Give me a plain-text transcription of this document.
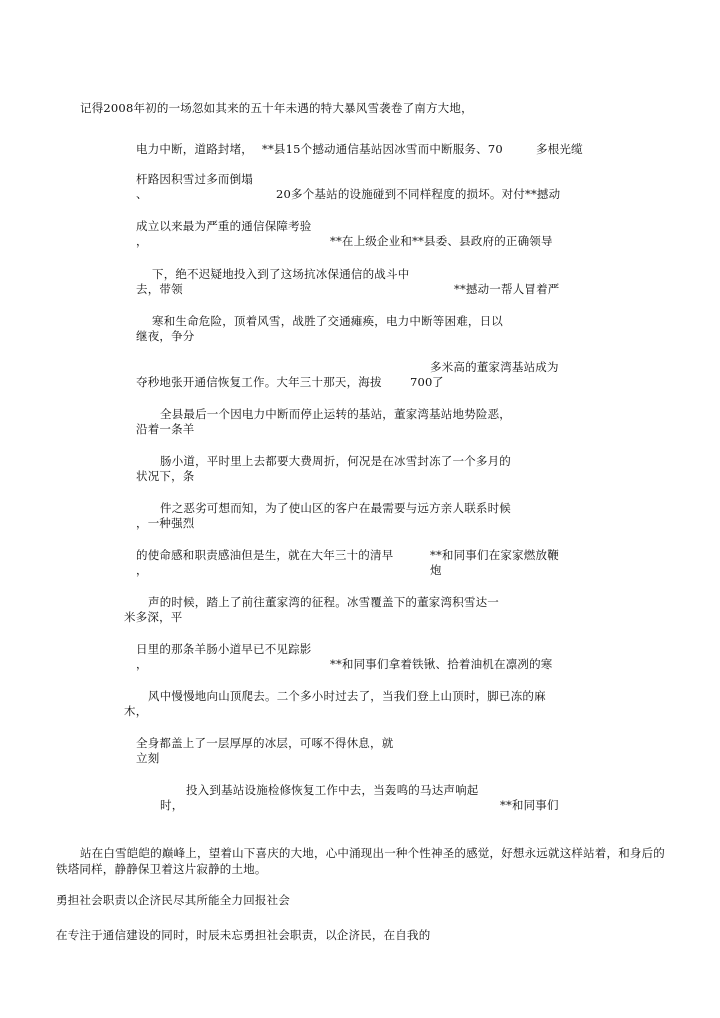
记得2008年初的一场忽如其来的五十年未遇的特大暴风雪袭卷了南方大地，
电力中断，道路封堵， **县15个撼动通信基站因冰雪而中断服务、70	多根光缆
杆路因积雪过多而倒塌
、	20多个基站的设施碰到不同样程度的损坏。对付**撼动
成立以来最为严重的通信保障考验
，	**在上级企业和**县委、县政府的正确领导
下，绝不迟疑地投入到了这场抗冰保通信的战斗中
去，带领	**撼动一帮人冒着严
寒和生命危险，顶着风雪，战胜了交通瘫痪，电力中断等困难，日以
继夜，争分
多米高的董家湾基站成为
夺秒地张开通信恢复工作。大年三十那天，海拔 700 了
全县最后一个因电力中断而停止运转的基站，董家湾基站地势险恶，
沿着一条羊
肠小道，平时里上去都要大费周折，何况是在冰雪封冻了一个多月的
状况下，条
件之恶劣可想而知，为了使山区的客户在最需要与远方亲人联系时候
，一种强烈
的使命感和职责感油但是生，就在大年三十的清早
，
**和同事们在家家燃放鞭
炮
声的时候，踏上了前往董家湾的征程。冰雪覆盖下的董家湾积雪达一
米多深，平
日里的那条羊肠小道早已不见踪影
，	**和同事们拿着铁锹、拾着油机在凛冽的寒
风中慢慢地向山顶爬去。二个多小时过去了，当我们登上山顶时，脚已冻的麻
木，
全身都盖上了一层厚厚的冰层，可啄不得休息，就
立刻
投入到基站设施检修恢复工作中去，当轰鸣的马达声响起
时，	**和同事们
站在白雪皑皑的巅峰上，望着山下喜庆的大地，心中涌现出一种个性神圣的感觉，好想永远就这样站着，和身后的铁塔同样，静静保卫着这片寂静的土地。
勇担社会职责以企济民尽其所能全力回报社会
在专注于通信建设的同时，时辰未忘勇担社会职责，以企济民，在自我的
